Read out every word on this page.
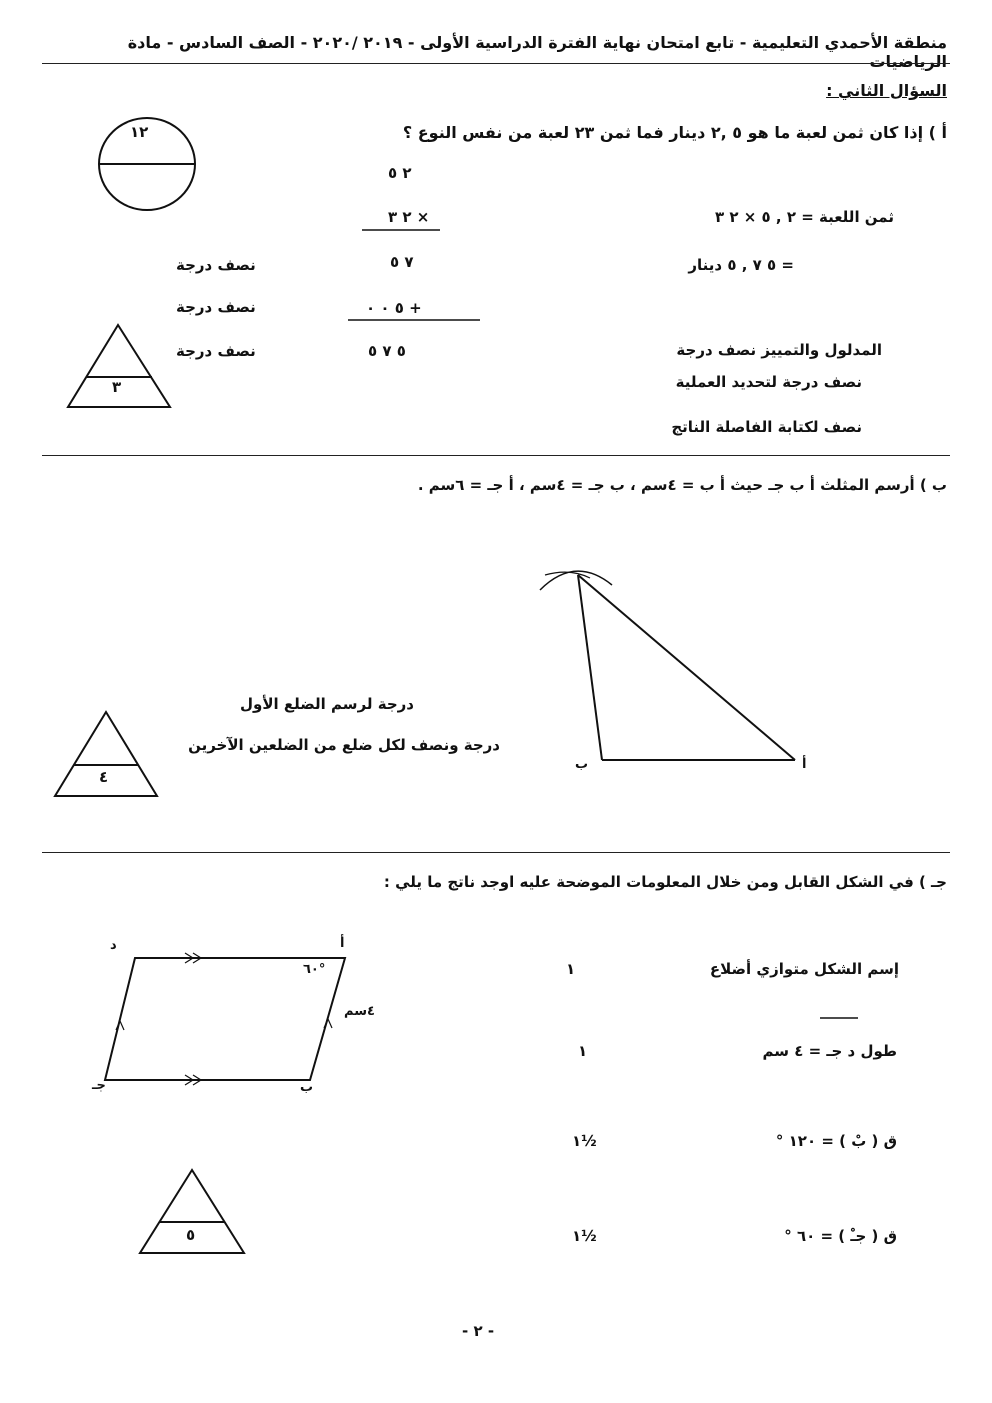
منطقة الأحمدي التعليمية - تابع امتحان نهاية الفترة الدراسية الأولى - ٢٠١٩ /٢٠٢٠ - الصف السادس - مادة الرياضيات
السؤال الثاني :
أ ) إذا كان ثمن لعبة ما هو ٥ ,٢ دينار فما ثمن ٢٣ لعبة من نفس النوع ؟
١٢
٣
٢ ٥
× ٢ ٣
٧ ٥
+ ٥ ٠ ٠
٥ ٧ ٥
نصف درجة
نصف درجة
نصف درجة
ثمن اللعبة = ٢ , ٥ × ٢ ٣
= ٥ ٧ , ٥ دينار
المدلول والتمييز نصف درجة
نصف درجة لتحديد العملية
نصف لكتابة الفاصلة الناتج
ب ) أرسم المثلث أ ب جـ حيث أ ب = ٤سم ، ب جـ = ٤سم ، أ جـ = ٦سم .
أ
ب
درجة لرسم الضلع الأول
درجة ونصف لكل ضلع من الضلعين الآخرين
٤
جـ ) في الشكل القابل ومن خلال المعلومات الموضحة عليه اوجد ناتج ما يلي :
د	أ
جـ	ب
٦٠°
٤سم
إسم الشكل متوازي أضلاع
طول د جـ = ٤ سم
ق ( بْ ) = ١٢٠ °
ق ( جـْ ) = ٦٠ °
١
١
١½
١½
٥
- ٢ -
